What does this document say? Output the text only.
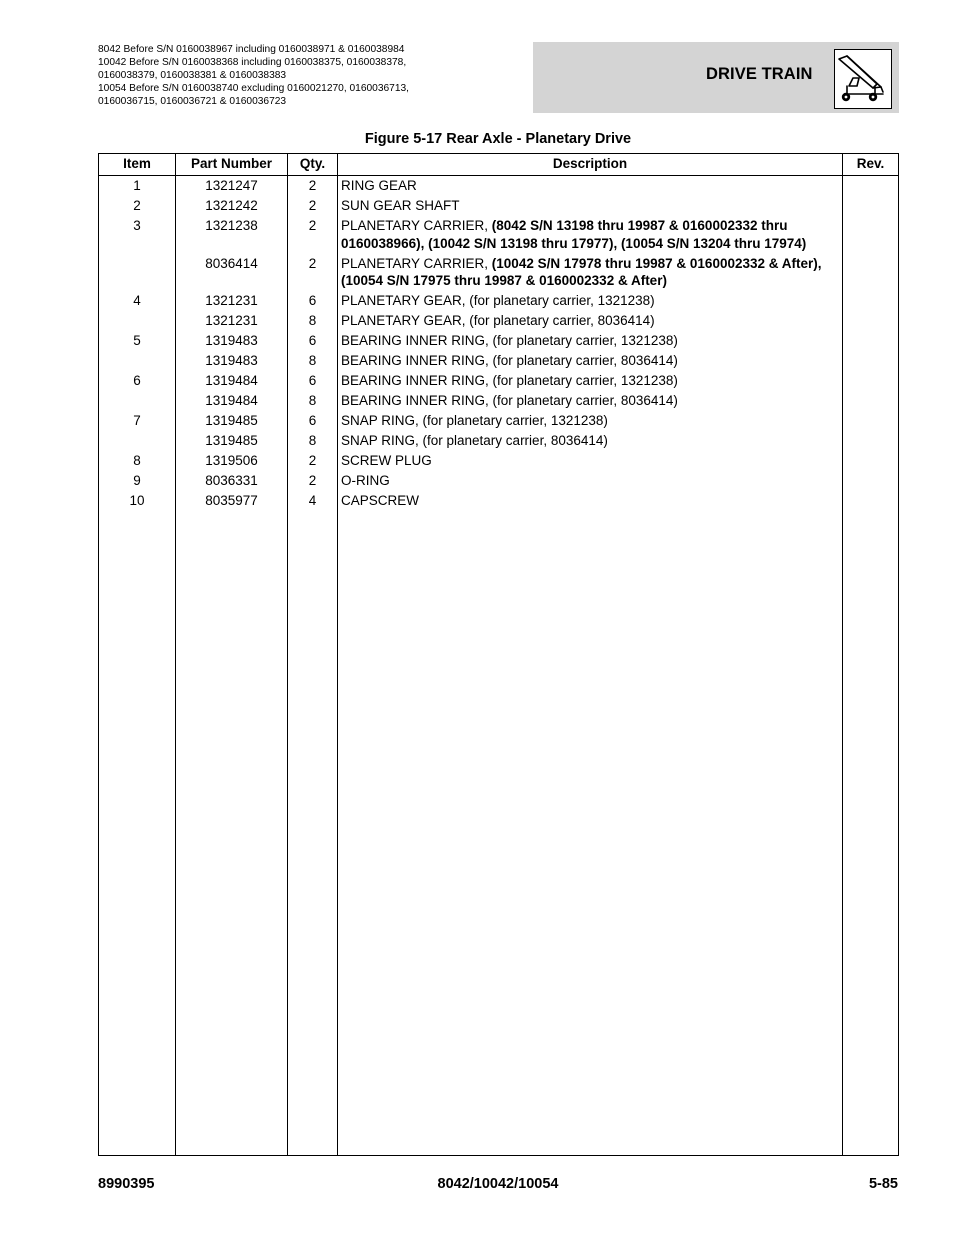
8042 Before S/N 0160038967 including 0160038971 & 0160038984
10042 Before S/N 0160038368 including 0160038375, 0160038378,
0160038379, 0160038381 & 0160038383
10054 Before S/N 0160038740 excluding 0160021270, 0160036713,
0160036715, 0160036721 & 0160036723
DRIVE TRAIN
Figure 5-17 Rear Axle - Planetary Drive
Item	Part Number	Qty.	Description	Rev.
1	1321247	2	RING GEAR
2	1321242	2	SUN GEAR SHAFT
3	1321238	2	PLANETARY CARRIER, (8042 S/N 13198 thru 19987 & 0160002332 thru 0160038966), (10042 S/N 13198 thru 17977), (10054 S/N 13204 thru 17974)
8036414	2	PLANETARY CARRIER, (10042 S/N 17978 thru 19987 & 0160002332 & After), (10054 S/N 17975 thru 19987 & 0160002332 & After)
4	1321231	6	PLANETARY GEAR, (for planetary carrier, 1321238)
1321231	8	PLANETARY GEAR, (for planetary carrier, 8036414)
5	1319483	6	BEARING INNER RING, (for planetary carrier, 1321238)
1319483	8	BEARING INNER RING, (for planetary carrier, 8036414)
6	1319484	6	BEARING INNER RING, (for planetary carrier, 1321238)
1319484	8	BEARING INNER RING, (for planetary carrier, 8036414)
7	1319485	6	SNAP RING, (for planetary carrier, 1321238)
1319485	8	SNAP RING, (for planetary carrier, 8036414)
8	1319506	2	SCREW PLUG
9	8036331	2	O-RING
10	8035977	4	CAPSCREW
8990395	8042/10042/10054	5-85
